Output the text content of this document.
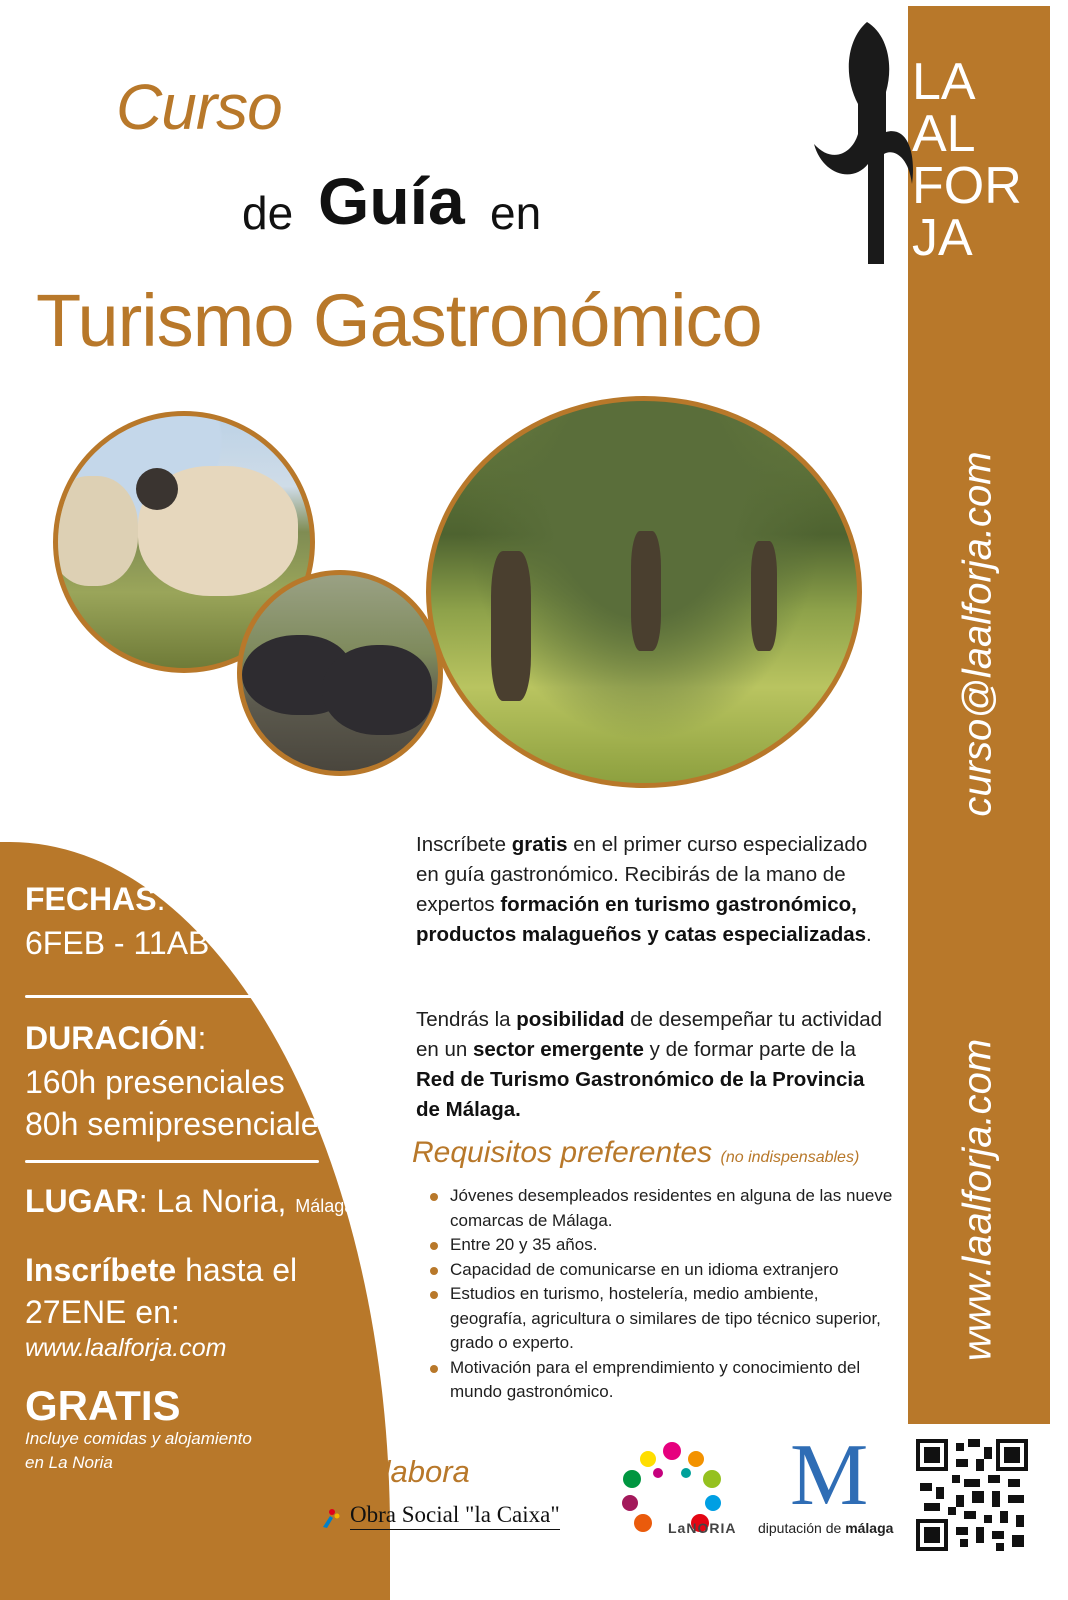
Curso
de Guía en
Turismo Gastronómico
LA
AL
FOR
JA
curso@laalforja.com
www.laalforja.com
FECHAS:
6FEB - 11AB 2014
DURACIÓN:
160h presenciales
80h semipresenciales
LUGAR: La Noria, Málaga
Inscríbete hasta el
27ENE en:
www.laalforja.com
GRATIS
Incluye comidas y alojamiento
en La Noria
Inscríbete gratis en el primer curso especializado en guía gastronómico. Recibirás de la mano de expertos formación en turismo gastronómico, productos malagueños y catas especializadas.
Tendrás la posibilidad de desempeñar tu actividad en un sector emergente y de formar parte de la Red de Turismo Gastronómico de la Provincia de Málaga.
Requisitos preferentes (no indispensables)
Jóvenes desempleados residentes en alguna de las nueve comarcas de Málaga.
Entre 20 y 35 años.
Capacidad de comunicarse en un idioma extranjero
Estudios en turismo, hostelería, medio ambiente, geografía, agricultura o similares de tipo técnico superior, grado o experto.
Motivación para el emprendimiento y conocimiento del mundo gastronómico.
Colabora
Obra Social "la Caixa"
LaNORIA
M
diputación de málaga
